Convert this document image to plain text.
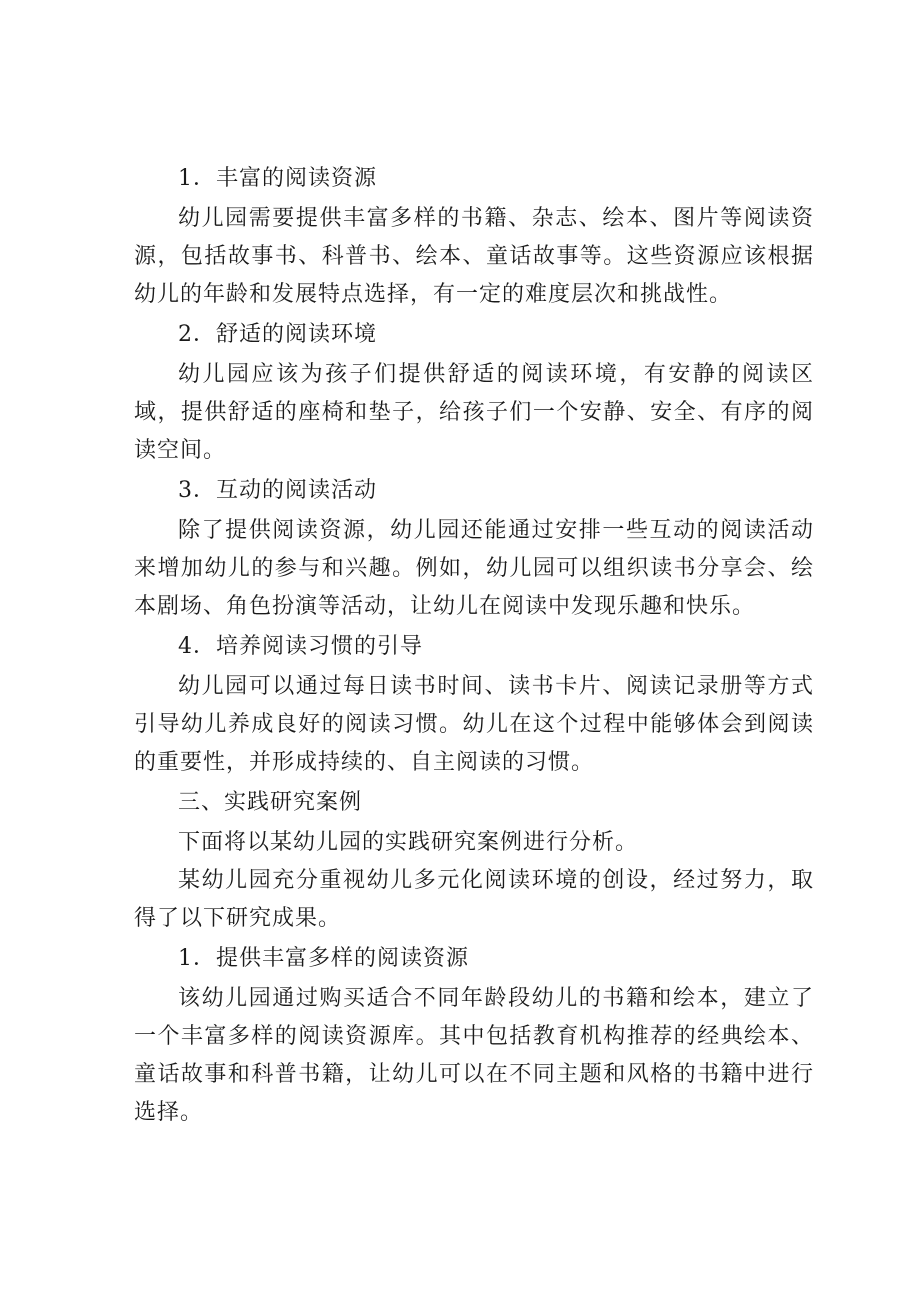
1．丰富的阅读资源

幼儿园需要提供丰富多样的书籍、杂志、绘本、图片等阅读资源，包括故事书、科普书、绘本、童话故事等。这些资源应该根据幼儿的年龄和发展特点选择，有一定的难度层次和挑战性。

2．舒适的阅读环境

幼儿园应该为孩子们提供舒适的阅读环境，有安静的阅读区域，提供舒适的座椅和垫子，给孩子们一个安静、安全、有序的阅读空间。

3．互动的阅读活动

除了提供阅读资源，幼儿园还能通过安排一些互动的阅读活动来增加幼儿的参与和兴趣。例如，幼儿园可以组织读书分享会、绘本剧场、角色扮演等活动，让幼儿在阅读中发现乐趣和快乐。

4．培养阅读习惯的引导

幼儿园可以通过每日读书时间、读书卡片、阅读记录册等方式引导幼儿养成良好的阅读习惯。幼儿在这个过程中能够体会到阅读的重要性，并形成持续的、自主阅读的习惯。

三、实践研究案例

下面将以某幼儿园的实践研究案例进行分析。

某幼儿园充分重视幼儿多元化阅读环境的创设，经过努力，取得了以下研究成果。

1．提供丰富多样的阅读资源

该幼儿园通过购买适合不同年龄段幼儿的书籍和绘本，建立了一个丰富多样的阅读资源库。其中包括教育机构推荐的经典绘本、童话故事和科普书籍，让幼儿可以在不同主题和风格的书籍中进行选择。
